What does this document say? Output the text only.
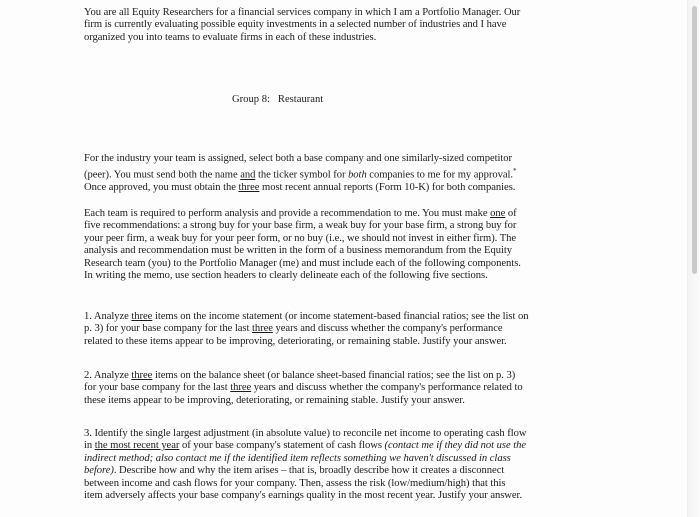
You are all Equity Researchers for a financial services company in which I am a Portfolio Manager. Our
firm is currently evaluating possible equity investments in a selected number of industries and I have
organized you into teams to evaluate firms in each of these industries.
Group 8:   Restaurant
For the industry your team is assigned, select both a base company and one similarly-sized competitor
(peer). You must send both the name and the ticker symbol for both companies to me for my approval.*
Once approved, you must obtain the three most recent annual reports (Form 10-K) for both companies.
Each team is required to perform analysis and provide a recommendation to me. You must make one of
five recommendations: a strong buy for your base firm, a weak buy for your base firm, a strong buy for
your peer firm, a weak buy for your peer form, or no buy (i.e., we should not invest in either firm). The
analysis and recommendation must be written in the form of a business memorandum from the Equity
Research team (you) to the Portfolio Manager (me) and must include each of the following components.
In writing the memo, use section headers to clearly delineate each of the following five sections.
1. Analyze three items on the income statement (or income statement-based financial ratios; see the list on
p. 3) for your base company for the last three years and discuss whether the company's performance
related to these items appear to be improving, deteriorating, or remaining stable. Justify your answer.
2. Analyze three items on the balance sheet (or balance sheet-based financial ratios; see the list on p. 3)
for your base company for the last three years and discuss whether the company's performance related to
these items appear to be improving, deteriorating, or remaining stable. Justify your answer.
3. Identify the single largest adjustment (in absolute value) to reconcile net income to operating cash flow
in the most recent year of your base company's statement of cash flows (contact me if they did not use the
indirect method; also contact me if the identified item reflects something we haven't discussed in class
before). Describe how and why the item arises – that is, broadly describe how it creates a disconnect
between income and cash flows for your company. Then, assess the risk (low/medium/high) that this
item adversely affects your base company's earnings quality in the most recent year. Justify your answer.
